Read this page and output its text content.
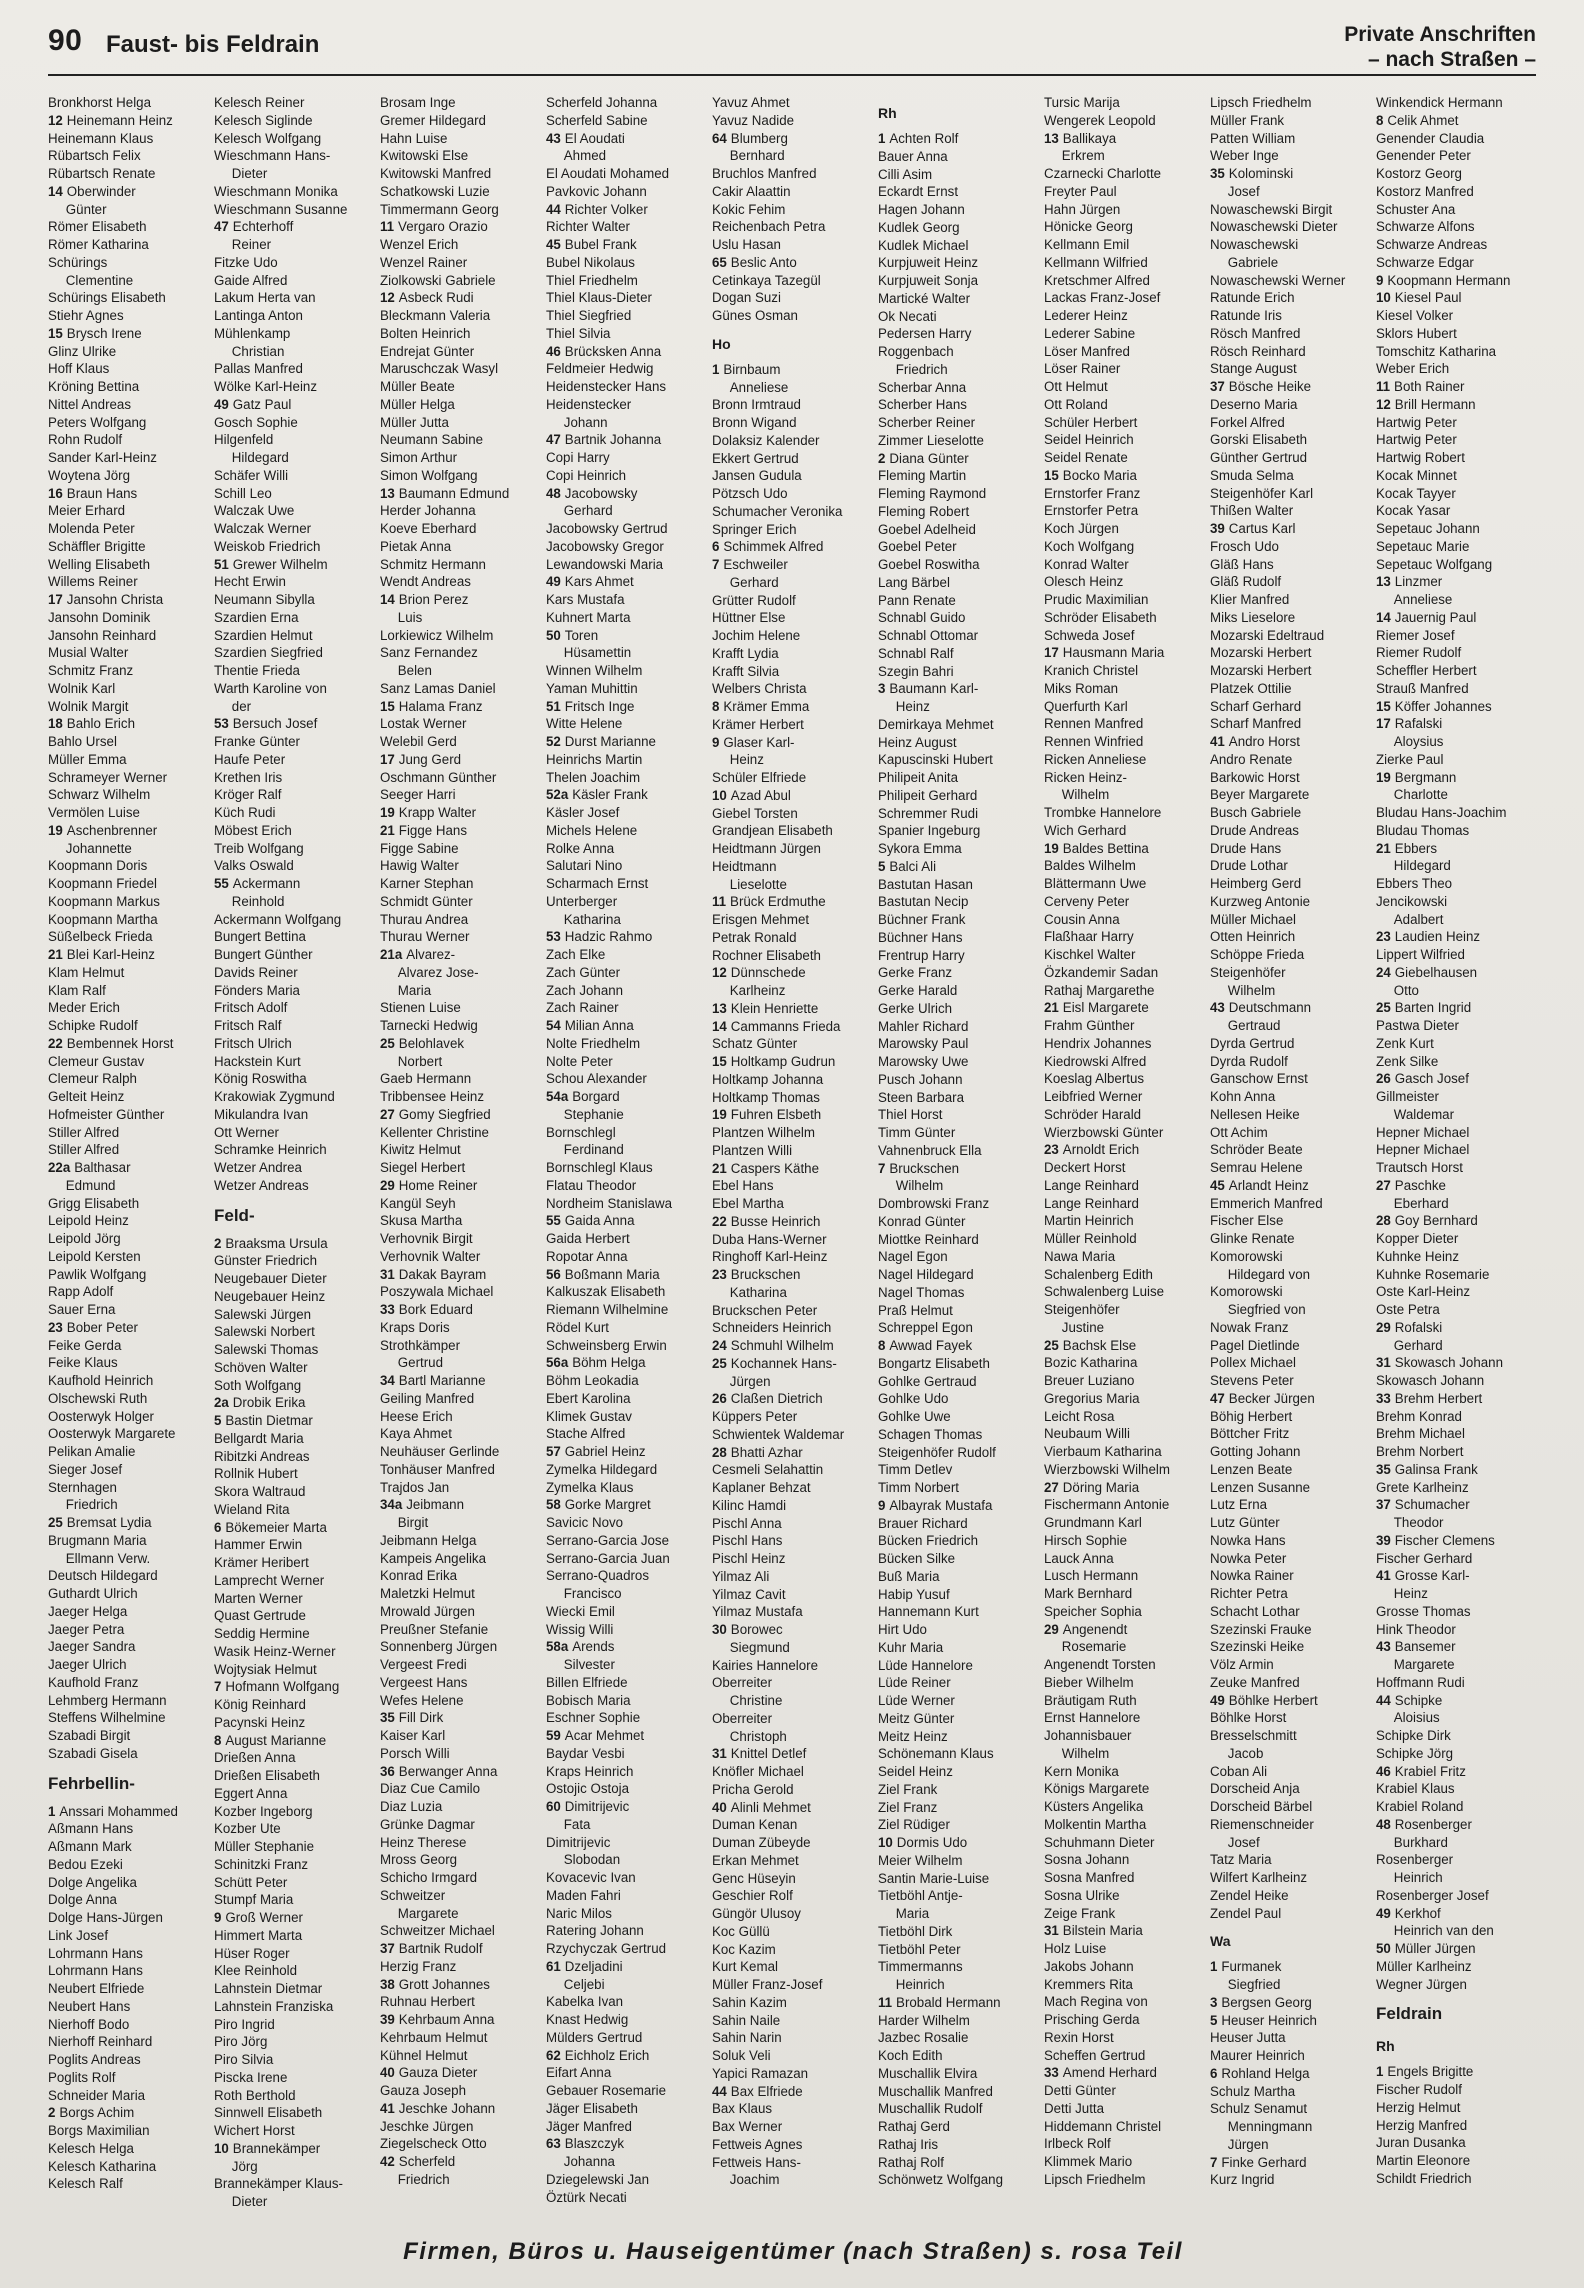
90 Faust- bis Feldrain	Private Anschriften
– nach Straßen –
Bronkhorst Helga
12 Heinemann Heinz
Heinemann Klaus
Rübartsch Felix
Rübartsch Renate
14 Oberwinder
Günter
Römer Elisabeth
Römer Katharina
Schürings
Clementine
Schürings Elisabeth
Stiehr Agnes
15 Brysch Irene
Glinz Ulrike
Hoff Klaus
Kröning Bettina
Nittel Andreas
Peters Wolfgang
Rohn Rudolf
Sander Karl-Heinz
Woytena Jörg
16 Braun Hans
Meier Erhard
Molenda Peter
Schäffler Brigitte
Welling Elisabeth
Willems Reiner
17 Jansohn Christa
Jansohn Dominik
Jansohn Reinhard
Musial Walter
Schmitz Franz
Wolnik Karl
Wolnik Margit
18 Bahlo Erich
Bahlo Ursel
Müller Emma
Schrameyer Werner
Schwarz Wilhelm
Vermölen Luise
19 Aschenbrenner
Johannette
Koopmann Doris
Koopmann Friedel
Koopmann Markus
Koopmann Martha
Süßelbeck Frieda
21 Blei Karl-Heinz
Klam Helmut
Klam Ralf
Meder Erich
Schipke Rudolf
22 Bembennek Horst
Clemeur Gustav
Clemeur Ralph
Gelteit Heinz
Hofmeister Günther
Stiller Alfred
Stiller Alfred
22a Balthasar
Edmund
Grigg Elisabeth
Leipold Heinz
Leipold Jörg
Leipold Kersten
Pawlik Wolfgang
Rapp Adolf
Sauer Erna
23 Bober Peter
Feike Gerda
Feike Klaus
Kaufhold Heinrich
Olschewski Ruth
Oosterwyk Holger
Oosterwyk Margarete
Pelikan Amalie
Sieger Josef
Sternhagen
Friedrich
25 Bremsat Lydia
Brugmann Maria
Ellmann Verw.
Deutsch Hildegard
Guthardt Ulrich
Jaeger Helga
Jaeger Petra
Jaeger Sandra
Jaeger Ulrich
Kaufhold Franz
Lehmberg Hermann
Steffens Wilhelmine
Szabadi Birgit
Szabadi Gisela
Fehrbellin-
1 Anssari Mohammed
Aßmann Hans
Aßmann Mark
Bedou Ezeki
Dolge Angelika
Dolge Anna
Dolge Hans-Jürgen
Link Josef
Lohrmann Hans
Lohrmann Hans
Neubert Elfriede
Neubert Hans
Nierhoff Bodo
Nierhoff Reinhard
Poglits Andreas
Poglits Rolf
Schneider Maria
2 Borgs Achim
Borgs Maximilian
Kelesch Helga
Kelesch Katharina
Kelesch Ralf
Kelesch Reiner
Kelesch Siglinde
Kelesch Wolfgang
Wieschmann Hans-
Dieter
Wieschmann Monika
Wieschmann Susanne
47 Echterhoff
Reiner
Fitzke Udo
Gaide Alfred
Lakum Herta van
Lantinga Anton
Mühlenkamp
Christian
Pallas Manfred
Wölke Karl-Heinz
49 Gatz Paul
Gosch Sophie
Hilgenfeld
Hildegard
Schäfer Willi
Schill Leo
Walczak Uwe
Walczak Werner
Weiskob Friedrich
51 Grewer Wilhelm
Hecht Erwin
Neumann Sibylla
Szardien Erna
Szardien Helmut
Szardien Siegfried
Thentie Frieda
Warth Karoline von
der
53 Bersuch Josef
Franke Günter
Haufe Peter
Krethen Iris
Kröger Ralf
Küch Rudi
Möbest Erich
Treib Wolfgang
Valks Oswald
55 Ackermann
Reinhold
Ackermann Wolfgang
Bungert Bettina
Bungert Günther
Davids Reiner
Fönders Maria
Fritsch Adolf
Fritsch Ralf
Fritsch Ulrich
Hackstein Kurt
König Roswitha
Krakowiak Zygmund
Mikulandra Ivan
Ott Werner
Schramke Heinrich
Wetzer Andrea
Wetzer Andreas
Feld-
2 Braaksma Ursula
Günster Friedrich
Neugebauer Dieter
Neugebauer Heinz
Salewski Jürgen
Salewski Norbert
Salewski Thomas
Schöven Walter
Soth Wolfgang
2a Drobik Erika
5 Bastin Dietmar
Bellgardt Maria
Ribitzki Andreas
Rollnik Hubert
Skora Waltraud
Wieland Rita
6 Bökemeier Marta
Hammer Erwin
Krämer Heribert
Lamprecht Werner
Marten Werner
Quast Gertrude
Seddig Hermine
Wasik Heinz-Werner
Wojtysiak Helmut
7 Hofmann Wolfgang
König Reinhard
Pacynski Heinz
8 August Marianne
Drießen Anna
Drießen Elisabeth
Eggert Anna
Kozber Ingeborg
Kozber Ute
Müller Stephanie
Schinitzki Franz
Schütt Peter
Stumpf Maria
9 Groß Werner
Himmert Marta
Hüser Roger
Klee Reinhold
Lahnstein Dietmar
Lahnstein Franziska
Piro Ingrid
Piro Jörg
Piro Silvia
Piscka Irene
Roth Berthold
Sinnwell Elisabeth
Wichert Horst
10 Brannekämper
Jörg
Brannekämper Klaus-
Dieter
Brosam Inge
Gremer Hildegard
Hahn Luise
Kwitowski Else
Kwitowski Manfred
Schatkowski Luzie
Timmermann Georg
11 Vergaro Orazio
Wenzel Erich
Wenzel Rainer
Ziolkowski Gabriele
12 Asbeck Rudi
Bleckmann Valeria
Bolten Heinrich
Endrejat Günter
Maruschczak Wasyl
Müller Beate
Müller Helga
Müller Jutta
Neumann Sabine
Simon Arthur
Simon Wolfgang
13 Baumann Edmund
Herder Johanna
Koeve Eberhard
Pietak Anna
Schmitz Hermann
Wendt Andreas
14 Brion Perez
Luis
Lorkiewicz Wilhelm
Sanz Fernandez
Belen
Sanz Lamas Daniel
15 Halama Franz
Lostak Werner
Welebil Gerd
17 Jung Gerd
Oschmann Günther
Seeger Harri
19 Krapp Walter
21 Figge Hans
Figge Sabine
Hawig Walter
Karner Stephan
Schmidt Günter
Thurau Andrea
Thurau Werner
21a Alvarez-
Alvarez Jose-
Maria
Stienen Luise
Tarnecki Hedwig
25 Belohlavek
Norbert
Gaeb Hermann
Tribbensee Heinz
27 Gomy Siegfried
Kellenter Christine
Kiwitz Helmut
Siegel Herbert
29 Home Reiner
Kangül Seyh
Skusa Martha
Verhovnik Birgit
Verhovnik Walter
31 Dakak Bayram
Poszywala Michael
33 Bork Eduard
Kraps Doris
Strothkämper
Gertrud
34 Bartl Marianne
Geiling Manfred
Heese Erich
Kaya Ahmet
Neuhäuser Gerlinde
Tonhäuser Manfred
Trajdos Jan
34a Jeibmann
Birgit
Jeibmann Helga
Kampeis Angelika
Konrad Erika
Maletzki Helmut
Mrowald Jürgen
Preußner Stefanie
Sonnenberg Jürgen
Vergeest Fredi
Vergeest Hans
Wefes Helene
35 Fill Dirk
Kaiser Karl
Porsch Willi
36 Berwanger Anna
Diaz Cue Camilo
Diaz Luzia
Grünke Dagmar
Heinz Therese
Mross Georg
Schicho Irmgard
Schweitzer
Margarete
Schweitzer Michael
37 Bartnik Rudolf
Herzig Franz
38 Grott Johannes
Ruhnau Herbert
39 Kehrbaum Anna
Kehrbaum Helmut
Kühnel Helmut
40 Gauza Dieter
Gauza Joseph
41 Jeschke Johann
Jeschke Jürgen
Ziegelscheck Otto
42 Scherfeld
Friedrich
Scherfeld Johanna
Scherfeld Sabine
43 El Aoudati
Ahmed
El Aoudati Mohamed
Pavkovic Johann
44 Richter Volker
Richter Walter
45 Bubel Frank
Bubel Nikolaus
Thiel Friedhelm
Thiel Klaus-Dieter
Thiel Siegfried
Thiel Silvia
46 Brücksken Anna
Feldmeier Hedwig
Heidenstecker Hans
Heidenstecker
Johann
47 Bartnik Johanna
Copi Harry
Copi Heinrich
48 Jacobowsky
Gerhard
Jacobowsky Gertrud
Jacobowsky Gregor
Lewandowski Maria
49 Kars Ahmet
Kars Mustafa
Kuhnert Marta
50 Toren
Hüsamettin
Winnen Wilhelm
Yaman Muhittin
51 Fritsch Inge
Witte Helene
52 Durst Marianne
Heinrichs Martin
Thelen Joachim
52a Käsler Frank
Käsler Josef
Michels Helene
Rolke Anna
Salutari Nino
Scharmach Ernst
Unterberger
Katharina
53 Hadzic Rahmo
Zach Elke
Zach Günter
Zach Johann
Zach Rainer
54 Milian Anna
Nolte Friedhelm
Nolte Peter
Schou Alexander
54a Borgard
Stephanie
Bornschlegl
Ferdinand
Bornschlegl Klaus
Flatau Theodor
Nordheim Stanislawa
55 Gaida Anna
Gaida Herbert
Ropotar Anna
56 Boßmann Maria
Kalkuszak Elisabeth
Riemann Wilhelmine
Rödel Kurt
Schweinsberg Erwin
56a Böhm Helga
Böhm Leokadia
Ebert Karolina
Klimek Gustav
Stache Alfred
57 Gabriel Heinz
Zymelka Hildegard
Zymelka Klaus
58 Gorke Margret
Savicic Novo
Serrano-Garcia Jose
Serrano-Garcia Juan
Serrano-Quadros
Francisco
Wiecki Emil
Wissig Willi
58a Arends
Silvester
Billen Elfriede
Bobisch Maria
Eschner Sophie
59 Acar Mehmet
Baydar Vesbi
Kraps Heinrich
Ostojic Ostoja
60 Dimitrijevic
Fata
Dimitrijevic
Slobodan
Kovacevic Ivan
Maden Fahri
Naric Milos
Ratering Johann
Rzychyczak Gertrud
61 Dzeljadini
Celjebi
Kabelka Ivan
Knast Hedwig
Mülders Gertrud
62 Eichholz Erich
Eifart Anna
Gebauer Rosemarie
Jäger Elisabeth
Jäger Manfred
63 Blaszczyk
Johanna
Dziegelewski Jan
Öztürk Necati
Yavuz Ahmet
Yavuz Nadide
64 Blumberg
Bernhard
Bruchlos Manfred
Cakir Alaattin
Kokic Fehim
Reichenbach Petra
Uslu Hasan
65 Beslic Anto
Cetinkaya Tazegül
Dogan Suzi
Günes Osman
Ho
1 Birnbaum
Anneliese
Bronn Irmtraud
Bronn Wigand
Dolaksiz Kalender
Ekkert Gertrud
Jansen Gudula
Pötzsch Udo
Schumacher Veronika
Springer Erich
6 Schimmek Alfred
7 Eschweiler
Gerhard
Grütter Rudolf
Hüttner Else
Jochim Helene
Krafft Lydia
Krafft Silvia
Welbers Christa
8 Krämer Emma
Krämer Herbert
9 Glaser Karl-
Heinz
Schüler Elfriede
10 Azad Abul
Giebel Torsten
Grandjean Elisabeth
Heidtmann Jürgen
Heidtmann
Lieselotte
11 Brück Erdmuthe
Erisgen Mehmet
Petrak Ronald
Rochner Elisabeth
12 Dünnschede
Karlheinz
13 Klein Henriette
14 Cammanns Frieda
Schatz Günter
15 Holtkamp Gudrun
Holtkamp Johanna
Holtkamp Thomas
19 Fuhren Elsbeth
Plantzen Wilhelm
Plantzen Willi
21 Caspers Käthe
Ebel Hans
Ebel Martha
22 Busse Heinrich
Duba Hans-Werner
Ringhoff Karl-Heinz
23 Bruckschen
Katharina
Bruckschen Peter
Schneiders Heinrich
24 Schmuhl Wilhelm
25 Kochannek Hans-
Jürgen
26 Claßen Dietrich
Küppers Peter
Schwientek Waldemar
28 Bhatti Azhar
Cesmeli Selahattin
Kaplaner Behzat
Kilinc Hamdi
Pischl Anna
Pischl Hans
Pischl Heinz
Yilmaz Ali
Yilmaz Cavit
Yilmaz Mustafa
30 Borowec
Siegmund
Kairies Hannelore
Oberreiter
Christine
Oberreiter
Christoph
31 Knittel Detlef
Knöfler Michael
Pricha Gerold
40 Alinli Mehmet
Duman Kenan
Duman Zübeyde
Erkan Mehmet
Genc Hüseyin
Geschier Rolf
Güngör Ulusoy
Koc Güllü
Koc Kazim
Kurt Kemal
Müller Franz-Josef
Sahin Kazim
Sahin Naile
Sahin Narin
Soluk Veli
Yapici Ramazan
44 Bax Elfriede
Bax Klaus
Bax Werner
Fettweis Agnes
Fettweis Hans-
Joachim
Rh
1 Achten Rolf
Bauer Anna
Cilli Asim
Eckardt Ernst
Hagen Johann
Kudlek Georg
Kudlek Michael
Kurpjuweit Heinz
Kurpjuweit Sonja
Martické Walter
Ok Necati
Pedersen Harry
Roggenbach
Friedrich
Scherbar Anna
Scherber Hans
Scherber Reiner
Zimmer Lieselotte
2 Diana Günter
Fleming Martin
Fleming Raymond
Fleming Robert
Goebel Adelheid
Goebel Peter
Goebel Roswitha
Lang Bärbel
Pann Renate
Schnabl Guido
Schnabl Ottomar
Schnabl Ralf
Szegin Bahri
3 Baumann Karl-
Heinz
Demirkaya Mehmet
Heinz August
Kapuscinski Hubert
Philipeit Anita
Philipeit Gerhard
Schremmer Rudi
Spanier Ingeburg
Sykora Emma
5 Balci Ali
Bastutan Hasan
Bastutan Necip
Büchner Frank
Büchner Hans
Frentrup Harry
Gerke Franz
Gerke Harald
Gerke Ulrich
Mahler Richard
Marowsky Paul
Marowsky Uwe
Pusch Johann
Steen Barbara
Thiel Horst
Timm Günter
Vahnenbruck Ella
7 Bruckschen
Wilhelm
Dombrowski Franz
Konrad Günter
Miottke Reinhard
Nagel Egon
Nagel Hildegard
Nagel Thomas
Praß Helmut
Schreppel Egon
8 Awwad Fayek
Bongartz Elisabeth
Gohlke Gertraud
Gohlke Udo
Gohlke Uwe
Schagen Thomas
Steigenhöfer Rudolf
Timm Detlev
Timm Norbert
9 Albayrak Mustafa
Brauer Richard
Bücken Friedrich
Bücken Silke
Buß Maria
Habip Yusuf
Hannemann Kurt
Hirt Udo
Kuhr Maria
Lüde Hannelore
Lüde Reiner
Lüde Werner
Meitz Günter
Meitz Heinz
Schönemann Klaus
Seidel Heinz
Ziel Frank
Ziel Franz
Ziel Rüdiger
10 Dormis Udo
Meier Wilhelm
Santin Marie-Luise
Tietböhl Antje-
Maria
Tietböhl Dirk
Tietböhl Peter
Timmermanns
Heinrich
11 Brobald Hermann
Harder Wilhelm
Jazbec Rosalie
Koch Edith
Muschallik Elvira
Muschallik Manfred
Muschallik Rudolf
Rathaj Gerd
Rathaj Iris
Rathaj Rolf
Schönwetz Wolfgang
Tursic Marija
Wengerek Leopold
13 Ballikaya
Erkrem
Czarnecki Charlotte
Freyter Paul
Hahn Jürgen
Hönicke Georg
Kellmann Emil
Kellmann Wilfried
Kretschmer Alfred
Lackas Franz-Josef
Lederer Heinz
Lederer Sabine
Löser Manfred
Löser Rainer
Ott Helmut
Ott Roland
Schüler Herbert
Seidel Heinrich
Seidel Renate
15 Bocko Maria
Ernstorfer Franz
Ernstorfer Petra
Koch Jürgen
Koch Wolfgang
Konrad Walter
Olesch Heinz
Prudic Maximilian
Schröder Elisabeth
Schweda Josef
17 Hausmann Maria
Kranich Christel
Miks Roman
Querfurth Karl
Rennen Manfred
Rennen Winfried
Ricken Anneliese
Ricken Heinz-
Wilhelm
Trombke Hannelore
Wich Gerhard
19 Baldes Bettina
Baldes Wilhelm
Blättermann Uwe
Cerveny Peter
Cousin Anna
Flaßhaar Harry
Kischkel Walter
Özkandemir Sadan
Rathaj Margarethe
21 Eisl Margarete
Frahm Günther
Hendrix Johannes
Kiedrowski Alfred
Koeslag Albertus
Leibfried Werner
Schröder Harald
Wierzbowski Günter
23 Arnoldt Erich
Deckert Horst
Lange Reinhard
Lange Reinhard
Martin Heinrich
Müller Reinhold
Nawa Maria
Schalenberg Edith
Schwalenberg Luise
Steigenhöfer
Justine
25 Bachsk Else
Bozic Katharina
Breuer Luziano
Gregorius Maria
Leicht Rosa
Neubaum Willi
Vierbaum Katharina
Wierzbowski Wilhelm
27 Döring Maria
Fischermann Antonie
Grundmann Karl
Hirsch Sophie
Lauck Anna
Lusch Hermann
Mark Bernhard
Speicher Sophia
29 Angenendt
Rosemarie
Angenendt Torsten
Bieber Wilhelm
Bräutigam Ruth
Ernst Hannelore
Johannisbauer
Wilhelm
Kern Monika
Königs Margarete
Küsters Angelika
Molkentin Martha
Schuhmann Dieter
Sosna Johann
Sosna Manfred
Sosna Ulrike
Zeige Frank
31 Bilstein Maria
Holz Luise
Jakobs Johann
Kremmers Rita
Mach Regina von
Prisching Gerda
Rexin Horst
Scheffen Gertrud
33 Amend Herhard
Detti Günter
Detti Jutta
Hiddemann Christel
Irlbeck Rolf
Klimmek Mario
Lipsch Friedhelm
Lipsch Friedhelm
Müller Frank
Patten William
Weber Inge
35 Kolominski
Josef
Nowaschewski Birgit
Nowaschewski Dieter
Nowaschewski
Gabriele
Nowaschewski Werner
Ratunde Erich
Ratunde Iris
Rösch Manfred
Rösch Reinhard
Stange August
37 Bösche Heike
Deserno Maria
Forkel Alfred
Gorski Elisabeth
Günther Gertrud
Smuda Selma
Steigenhöfer Karl
Thißen Walter
39 Cartus Karl
Frosch Udo
Gläß Hans
Gläß Rudolf
Klier Manfred
Miks Lieselore
Mozarski Edeltraud
Mozarski Herbert
Mozarski Herbert
Platzek Ottilie
Scharf Gerhard
Scharf Manfred
41 Andro Horst
Andro Renate
Barkowic Horst
Beyer Margarete
Busch Gabriele
Drude Andreas
Drude Hans
Drude Lothar
Heimberg Gerd
Kurzweg Antonie
Müller Michael
Otten Heinrich
Schöppe Frieda
Steigenhöfer
Wilhelm
43 Deutschmann
Gertraud
Dyrda Gertrud
Dyrda Rudolf
Ganschow Ernst
Kohn Anna
Nellesen Heike
Ott Achim
Schröder Beate
Semrau Helene
45 Arlandt Heinz
Emmerich Manfred
Fischer Else
Glinke Renate
Komorowski
Hildegard von
Komorowski
Siegfried von
Nowak Franz
Pagel Dietlinde
Pollex Michael
Stevens Peter
47 Becker Jürgen
Böhig Herbert
Böttcher Fritz
Gotting Johann
Lenzen Beate
Lenzen Susanne
Lutz Erna
Lutz Günter
Nowka Hans
Nowka Peter
Nowka Rainer
Richter Petra
Schacht Lothar
Szezinski Frauke
Szezinski Heike
Völz Armin
Zeuke Manfred
49 Böhlke Herbert
Böhlke Horst
Bresselschmitt
Jacob
Coban Ali
Dorscheid Anja
Dorscheid Bärbel
Riemenschneider
Josef
Tatz Maria
Wilfert Karlheinz
Zendel Heike
Zendel Paul
Wa
1 Furmanek
Siegfried
3 Bergsen Georg
5 Heuser Heinrich
Heuser Jutta
Maurer Heinrich
6 Rohland Helga
Schulz Martha
Schulz Senamut
Menningmann
Jürgen
7 Finke Gerhard
Kurz Ingrid
Winkendick Hermann
8 Celik Ahmet
Genender Claudia
Genender Peter
Kostorz Georg
Kostorz Manfred
Schuster Ana
Schwarze Alfons
Schwarze Andreas
Schwarze Edgar
9 Koopmann Hermann
10 Kiesel Paul
Kiesel Volker
Sklors Hubert
Tomschitz Katharina
Weber Erich
11 Both Rainer
12 Brill Hermann
Hartwig Peter
Hartwig Peter
Hartwig Robert
Kocak Minnet
Kocak Tayyer
Kocak Yasar
Sepetauc Johann
Sepetauc Marie
Sepetauc Wolfgang
13 Linzmer
Anneliese
14 Jauernig Paul
Riemer Josef
Riemer Rudolf
Scheffler Herbert
Strauß Manfred
15 Köffer Johannes
17 Rafalski
Aloysius
Zierke Paul
19 Bergmann
Charlotte
Bludau Hans-Joachim
Bludau Thomas
21 Ebbers
Hildegard
Ebbers Theo
Jencikowski
Adalbert
23 Laudien Heinz
Lippert Wilfried
24 Giebelhausen
Otto
25 Barten Ingrid
Pastwa Dieter
Zenk Kurt
Zenk Silke
26 Gasch Josef
Gillmeister
Waldemar
Hepner Michael
Hepner Michael
Trautsch Horst
27 Paschke
Eberhard
28 Goy Bernhard
Kopper Dieter
Kuhnke Heinz
Kuhnke Rosemarie
Oste Karl-Heinz
Oste Petra
29 Rofalski
Gerhard
31 Skowasch Johann
Skowasch Johann
33 Brehm Herbert
Brehm Konrad
Brehm Michael
Brehm Norbert
35 Galinsa Frank
Grete Karlheinz
37 Schumacher
Theodor
39 Fischer Clemens
Fischer Gerhard
41 Grosse Karl-
Heinz
Grosse Thomas
Hink Theodor
43 Bansemer
Margarete
Hoffmann Rudi
44 Schipke
Aloisius
Schipke Dirk
Schipke Jörg
46 Krabiel Fritz
Krabiel Klaus
Krabiel Roland
48 Rosenberger
Burkhard
Rosenberger
Heinrich
Rosenberger Josef
49 Kerkhof
Heinrich van den
50 Müller Jürgen
Müller Karlheinz
Wegner Jürgen
Feldrain
Rh
1 Engels Brigitte
Fischer Rudolf
Herzig Helmut
Herzig Manfred
Juran Dusanka
Martin Eleonore
Schildt Friedrich
Firmen, Büros u. Hauseigentümer (nach Straßen) s. rosa Teil
